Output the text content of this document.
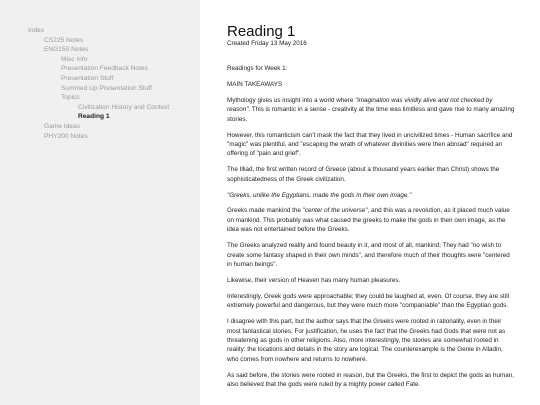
Index
CS225 Notes
ENG150 Notes
Misc Info
Presentation Feedback Notes
Presentation Stuff
Summed Up Presentation Stuff
Topics
Civilization History and Context
Reading 1
Game Ideas
PHY200 Notes
Reading 1

Created Friday 13 May 2016

Readings for Week 1:

MAIN TAKEAWAYS

Mythology gives us insight into a world where "imagination was vividly alive and not checked by reason". This is romantic in a sense - creativity at the time was limitless and gave rise to many amazing stories.

However, this romanticism can't mask the fact that they lived in uncivilized times - Human sacrifice and "magic" was plentiful, and "escaping the wrath of whatever divinities were then abroad" required an offering of "pain and grief".

The Illiad, the first written record of Greece (about a thousand years earlier than Christ) shows the sophisticatedness of the Greek civilization.

"Greeks, unlike the Egyptians, made the gods in their own image."

Greeks made mankind the "center of the universe", and this was a revolution, as it placed much value on mankind. This probably was what caused the greeks to make the gods in their own image, as the idea was not entertained before the Greeks.

The Greeks analyzed reality and found beauty in it, and most of all, mankind; They had "no wish to create some fantasy shaped in their own minds", and therefore much of their thoughts were "centered in human beings".

Likewise, their version of Heaven has many human pleasures.

Interestingly, Greek gods were approachable; they could be laughed at, even. Of course, they are still extremely powerful and dangerous, but they were much more "companiable" than the Egyptian gods.

I disagree with this part, but the author says that the Greeks were rooted in rationality, even in their most fantastical stories. For justification, he uses the fact that the Greeks had Gods that were not as threatening as gods in other religions. Also, more interestingly, the stories are somewhat rooted in reality: the locations and details in the story are logical. The counterexample is the Genie in Alladin, who comes from nowhere and returns to nowhere.

As said before, the stories were rooted in reason, but the Greeks, the first to depict the gods as human, also believed that the gods were ruled by a mighty power called Fate.
